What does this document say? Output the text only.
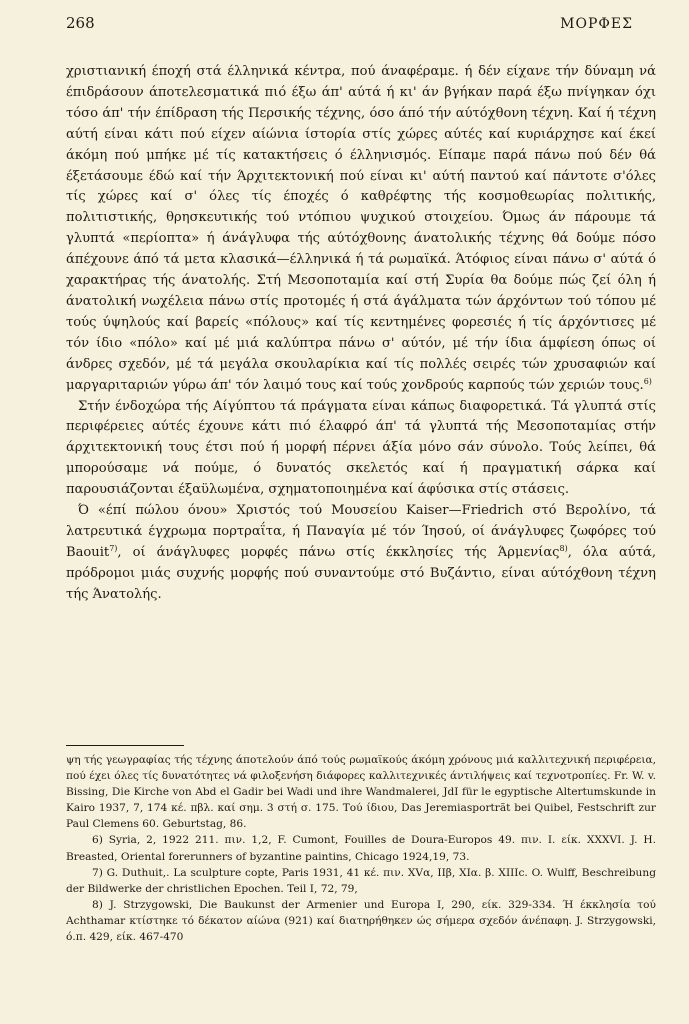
268	ΜΟΡΦΕΣ

χριστιανική έποχή στά έλληνικά κέντρα, πού άναφέραμε. ή δέν είχανε τήν δύναμη νά έπιδράσουν άποτελεσματικά πιό έξω άπ' αύτά ή κι' άν βγήκαν παρά έξω πνίγηκαν όχι τόσο άπ' τήν έπίδραση τής Περσικής τέχνης, όσο άπό τήν αύτόχθονη τέχνη. Καί ή τέχνη αύτή είναι κάτι πού είχεν αίώνια ίστορία στίς χώρες αύτές καί κυριάρχησε καί έκεί άκόμη πού μπήκε μέ τίς κατακτήσεις ό έλληνισμός. Είπαμε παρά πάνω πού δέν θά έξετάσουμε έδώ καί τήν Άρχιτεκτονική πού είναι κι' αύτή παντού καί πάντοτε σ'όλες τίς χώρες καί σ' όλες τίς έποχές ό καθρέφτης τής κοσμοθεωρίας πολιτικής, πολιτιστικής, θρησκευτικής τού ντόπιου ψυχικού στοιχείου. Όμως άν πάρουμε τά γλυπτά «περίοπτα» ή άνάγλυφα τής αύτόχθονης άνατολικής τέχνης θά δούμε πόσο άπέχουνε άπό τά μετα κλασικά—έλληνικά ή τά ρωμαϊκά. Άτόφιος είναι πάνω σ' αύτά ό χαρακτήρας τής άνατολής. Στή Μεσοποταμία καί στή Συρία θα δούμε πώς ζεί όλη ή άνατολική νωχέλεια πάνω στίς προτομές ή στά άγάλματα τών άρχόντων τού τόπου μέ τούς ύψηλούς καί βαρείς «πόλους» καί τίς κεντημένες φορεσιές ή τίς άρχόντισες μέ τόν ίδιο «πόλο» καί μέ μιά καλύπτρα πάνω σ' αύτόν, μέ τήν ίδια άμφίεση όπως οί άνδρες σχεδόν, μέ τά μεγάλα σκουλαρίκια καί τίς πολλές σειρές τών χρυσαφιών καί μαργαριταριών γύρω άπ' τόν λαιμό τους καί τούς χονδρούς καρπούς τών χεριών τους.$^{6)}$

Στήν ένδοχώρα τής Αίγύπτου τά πράγματα είναι κάπως διαφορετικά. Τά γλυπτά στίς περιφέρειες αύτές έχουνε κάτι πιό έλαφρό άπ' τά γλυπτά τής Μεσοποταμίας στήν άρχιτεκτονική τους έτσι πού ή μορφή πέρνει άξία μόνο σάν σύνολο. Τούς λείπει, θά μπορούσαμε νά πούμε, ό δυνατός σκελετός καί ή πραγματική σάρκα καί παρουσιάζονται έξαϋλωμένα, σχηματοποιημένα καί άφύσικα στίς στάσεις.

Ό «έπί πώλου όνου» Χριστός τού Μουσείου Kaiser—Friedrich στό Βερολίνο, τά λατρευτικά έγχρωμα πορτραΐτα, ή Παναγία μέ τόν Ίησού, οί άνάγλυφες ζωφόρες τού Baouit$^{7)}$, οί άνάγλυφες μορφές πάνω στίς έκκλησίες τής Άρμενίας$^{8)}$, όλα αύτά, πρόδρομοι μιάς συχνής μορφής πού συναντούμε στό Βυζάντιο, είναι αύτόχθονη τέχνη τής Άνατολής.

ψη τής γεωγραφίας τής τέχνης άποτελούν άπό τούς ρωμαϊκούς άκόμη χρόνους μιά καλλιτεχνική περιφέρεια, πού έχει όλες τίς δυνατότητες νά φιλοξενήση διάφορες καλλιτεχνικές άντιλήψεις καί τεχνοτροπίες. Fr. W. v. Bissing, Die Kirche von Abd el Gadir bei Wadi und ihre Wandmalerei, JdI für le egyptische Altertumskunde in Kairo 1937, 7, 174 κέ. πβλ. καί σημ. 3 στή σ. 175. Τού ίδιου, Das Jeremiasportrãt bei Quibel, Festschrift zur Paul Clemens 60. Geburtstag, 86.

6) Syria, 2, 1922 211. πιν. 1,2, F. Cumont, Fouilles de Doura-Europos 49. πιν. I. είκ. XXXVI. J. H. Breasted, Oriental forerunners of byzantine paintins, Chicago 1924,19, 73.

7) G. Duthuit,. La sculpture copte, Paris 1931, 41 κέ. πιν. XVα, IIβ, XIα. β. XIIIc. O. Wulff, Beschreibung der Bildwerke der christlichen Epochen. Teil I, 72, 79,

8) J. Strzygowski, Die Baukunst der Armenier und Europa I, 290, είκ. 329-334. Ή έκκλησία τού Achthamar κτίστηκε τό δέκατον αίώνα (921) καί διατηρήθηκεν ώς σήμερα σχεδόν άνέπαφη. J. Strzygowski, ό.π. 429, είκ. 467-470
